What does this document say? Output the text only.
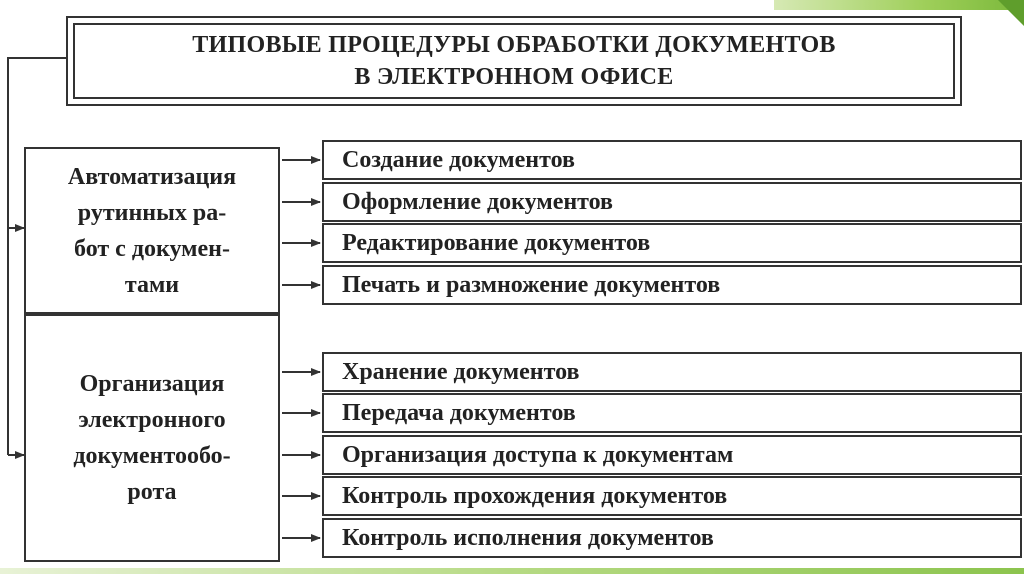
ТИПОВЫЕ ПРОЦЕДУРЫ ОБРАБОТКИ ДОКУМЕНТОВ
В ЭЛЕКТРОННОМ ОФИСЕ
Автоматизация
рутинных ра-
бот с докумен-
тами
Организация
электронного
документообо-
рота
Создание документов
Оформление документов
Редактирование документов
Печать и размножение документов
Хранение документов
Передача документов
Организация доступа к документам
Контроль прохождения документов
Контроль исполнения документов
